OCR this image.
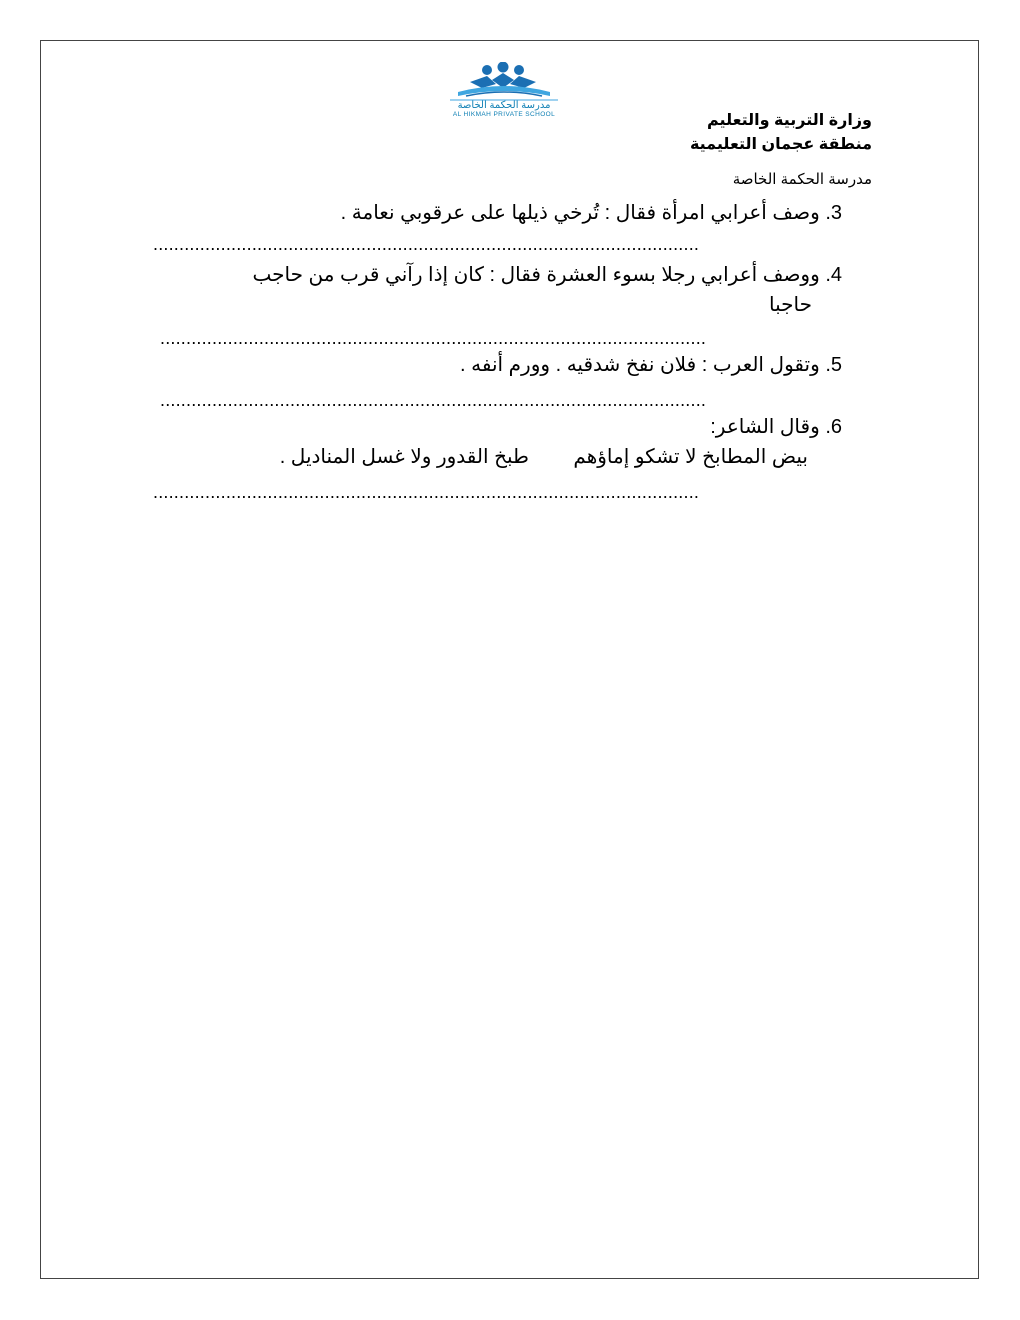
مدرسة الحكمة الخاصة
AL HIKMAH PRIVATE SCHOOL	وزارة التربية والتعليم
منطقة عجمان التعليمية
مدرسة الحكمة الخاصة
3. وصف أعرابي امرأة فقال : تُرخي ذيلها على عرقوبي نعامة .
.........................................................................................................
4. ووصف أعرابي رجلا بسوء العشرة فقال : كان إذا رآني قرب من حاجب
حاجبا
.........................................................................................................
5. وتقول العرب : فلان نفخ شدقيه . وورم أنفه .
.........................................................................................................
6. وقال الشاعر:
بيض المطابخ لا تشكو إماؤهم        طبخ القدور ولا غسل المناديل .
.........................................................................................................
